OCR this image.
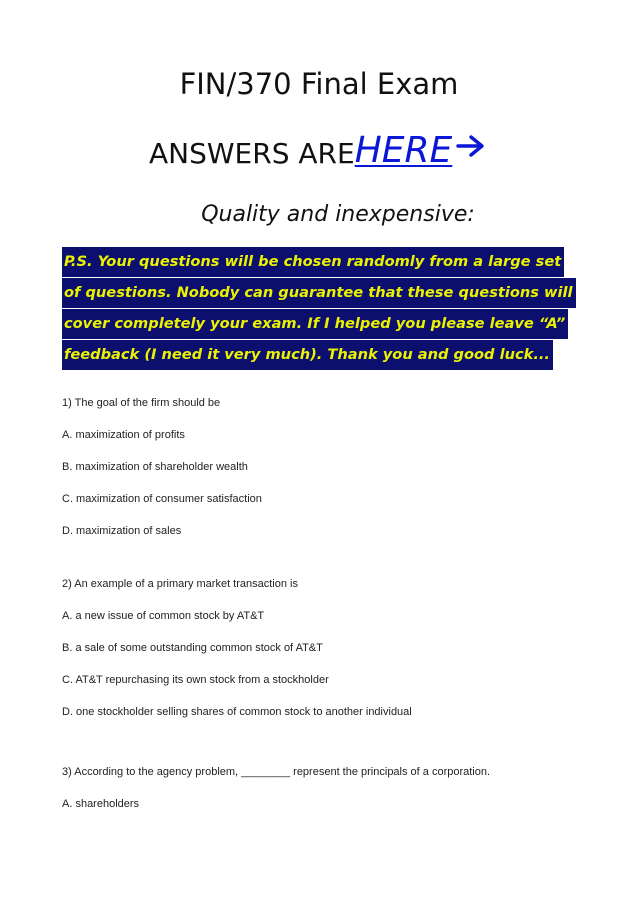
FIN/370 Final Exam
ANSWERS AREHERE
Quality and inexpensive:
P.S. Your questions will be chosen randomly from a large set
of questions. Nobody can guarantee that these questions will
cover completely your exam. If I helped you please leave “A”
feedback (I need it very much). Thank you and good luck...
1) The goal of the firm should be
A. maximization of profits
B. maximization of shareholder wealth
C. maximization of consumer satisfaction
D. maximization of sales
2) An example of a primary market transaction is
A. a new issue of common stock by AT&T
B. a sale of some outstanding common stock of AT&T
C. AT&T repurchasing its own stock from a stockholder
D. one stockholder selling shares of common stock to another individual
3) According to the agency problem, ________ represent the principals of a corporation.
A. shareholders
